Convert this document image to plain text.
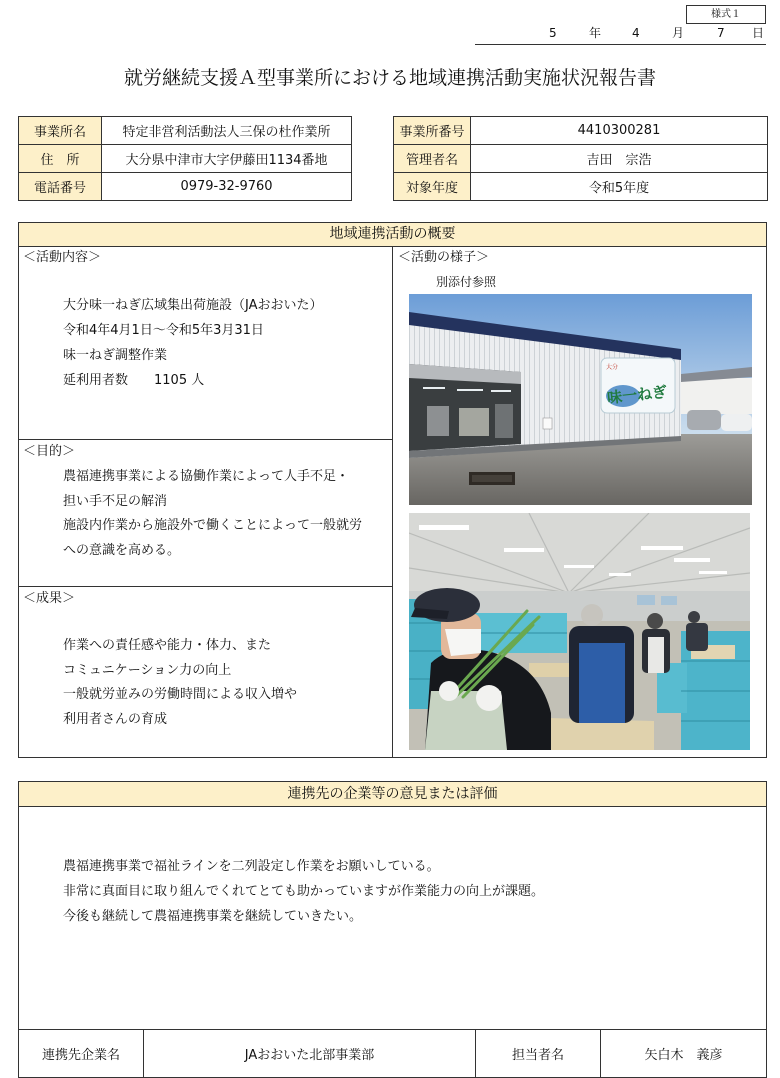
様式１
5	年	4	月	7 日
就労継続支援Ａ型事業所における地域連携活動実施状況報告書
事業所名	特定非営利活動法人三保の杜作業所
住　所	大分県中津市大字伊藤田1134番地
電話番号	0979-32-9760
事業所番号	4410300281
管理者名	吉田　宗浩
対象年度	令和5年度
地域連携活動の概要
＜活動内容＞
大分味一ねぎ広域集出荷施設（JAおおいた）
令和4年4月1日～令和5年3月31日
味一ねぎ調整作業
延利用者数　　1105 人
＜目的＞
農福連携事業による協働作業によって人手不足・
担い手不足の解消
施設内作業から施設外で働くことによって一般就労
への意識を高める。
＜成果＞
作業への責任感や能力・体力、また
コミュニケーション力の向上
一般就労並みの労働時間による収入増や
利用者さんの育成
＜活動の様子＞
別添付参照
大分
味一ねぎ
連携先の企業等の意見または評価
農福連携事業で福祉ラインを二列設定し作業をお願いしている。
非常に真面目に取り組んでくれてとても助かっていますが作業能力の向上が課題。
今後も継続して農福連携事業を継続していきたい。
連携先企業名	JAおおいた北部事業部	担当者名	矢白木　義彦
